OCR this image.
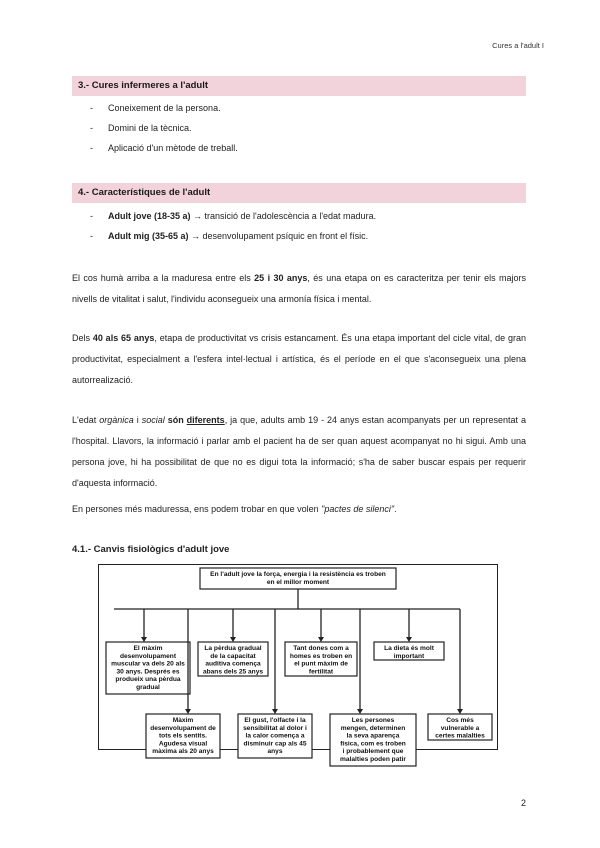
Cures a l'adult I
3.- Cures infermeres a l'adult
- Coneixement de la persona.
- Domini de la tècnica.
- Aplicació d'un mètode de treball.
4.- Característiques de l'adult
- Adult jove (18-35 a) → transició de l'adolescència a l'edat madura.
- Adult mig (35-65 a) → desenvolupament psíquic en front el físic.

El cos humà arriba a la maduresa entre els 25 i 30 anys, és una etapa on es caracteritza per tenir els majors nivells de vitalitat i salut, l'individu aconsegueix una armonía física i mental.

Dels 40 als 65 anys, etapa de productivitat vs crisis estancament. És una etapa important del cicle vital, de gran productivitat, especialment a l'esfera intel·lectual i artística, és el període en el que s'aconsegueix una plena autorrealizació.

L'edat orgànica i social són diferents, ja que, adults amb 19 - 24 anys estan acompanyats per un representat a l'hospital. Llavors, la informació i parlar amb el pacient ha de ser quan aquest acompanyat no hi sigui. Amb una persona jove, hi ha possibilitat de que no es digui tota la informació; s'ha de saber buscar espais per requerir d'aquesta informació.

En persones més maduressa, ens podem trobar en que volen "pactes de silenci".

4.1.- Canvis fisiològics d'adult jove
En l'adult jove la força, energia i la resistència es troben
en el millor moment
El màxim
desenvolupament
muscular va dels 20 als
30 anys. Després es
produeix una pèrdua
gradual
La pèrdua gradual
de la capacitat
auditiva comença
abans dels 25 anys
Tant dones com a
homes es troben en
el punt màxim de
fertilitat
La dieta és molt
important
Màxim
desenvolupament de
tots els sentits.
Agudesa visual
màxima als 20 anys
El gust, l'olfacte i la
sensibilitat al dolor i
la calor comença a
disminuir cap als 45
anys
Les persones
mengen, determinen
la seva aparença
física, com es troben
i probablement que
malalties poden patir
Cos més
vulnerable a
certes malalties
2
